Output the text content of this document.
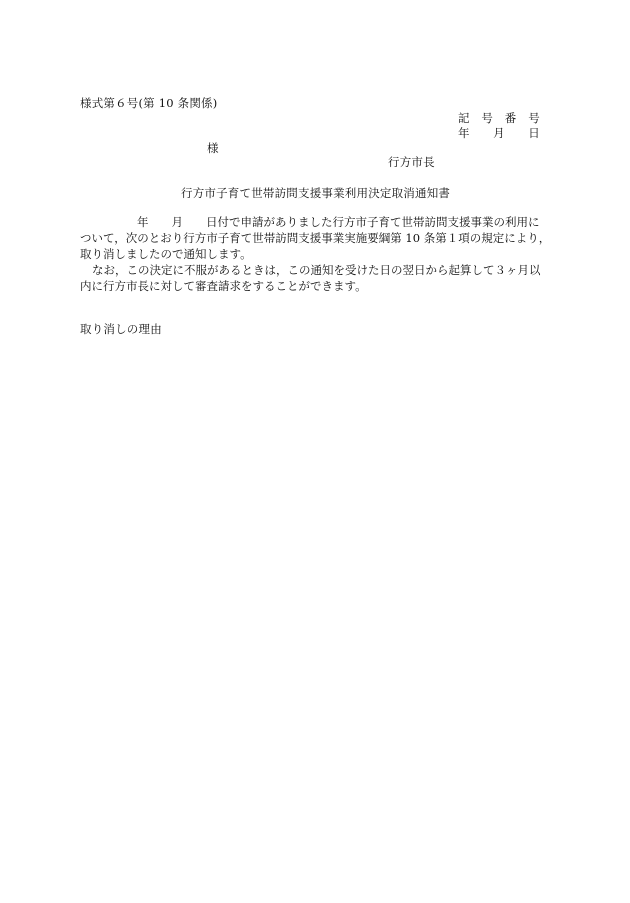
様式第６号(第 10 条関係)
記　号　番　号
年　　月　　日
様
行方市長
行方市子育て世帯訪問支援事業利用決定取消通知書
年　　月　　日付で申請がありました行方市子育て世帯訪問支援事業の利用に
ついて，次のとおり行方市子育て世帯訪問支援事業実施要綱第 10 条第１項の規定により，
取り消しましたので通知します。
なお，この決定に不服があるときは，この通知を受けた日の翌日から起算して３ヶ月以
内に行方市長に対して審査請求をすることができます。
取り消しの理由
